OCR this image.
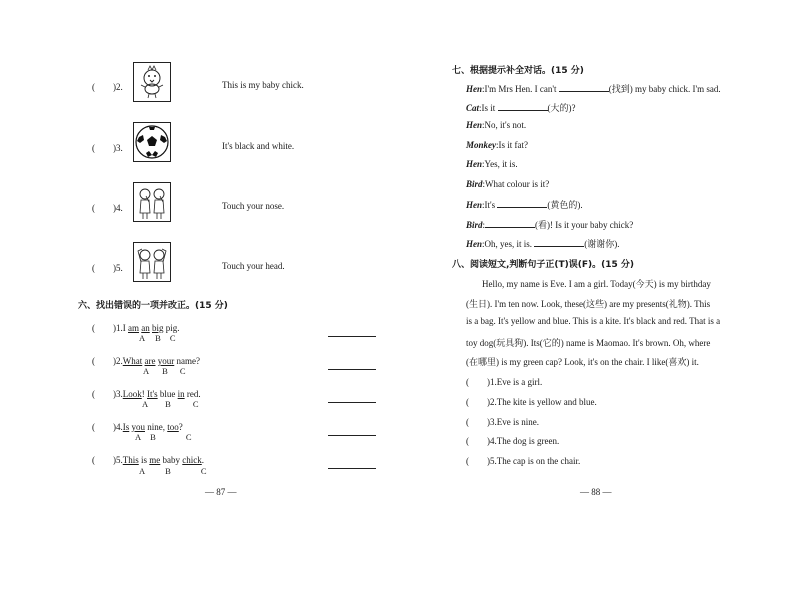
(　　)2.	This is my baby chick.
(　　)3.	It's black and white.
(　　)4.	Touch your nose.
(　　)5.	Touch your head.
六、找出错误的一项并改正。(15 分)
(　　)1.I am an big pig.
A B C
(　　)2.What are your name?
A B C
(　　)3.Look! It's blue in red.
A B	C
(　　)4.Is you nine, too?
A B	C
(　　)5.This is me baby chick.
A B	C
— 87 —
七、根据提示补全对话。(15 分)
Hen:I'm Mrs Hen. I can't	(找到) my baby chick. I'm sad.
Cat:Is it	(大的)?
Hen:No, it's not.
Monkey:Is it fat?
Hen:Yes, it is.
Bird:What colour is it?
Hen:It's	(黄色的).
Bird:	(看)! Is it your baby chick?
Hen:Oh, yes, it is.	(谢谢你).
八、阅读短文,判断句子正(T)误(F)。(15 分)
Hello, my name is Eve. I am a girl. Today(今天) is my birthday
(生日). I'm ten now. Look, these(这些) are my presents(礼物). This
is a bag. It's yellow and blue. This is a kite. It's black and red. That is a
toy dog(玩具狗). Its(它的) name is Maomao. It's brown. Oh, where
(在哪里) is my green cap? Look, it's on the chair. I like(喜欢) it.
(　　)1.Eve is a girl.
(　　)2.The kite is yellow and blue.
(　　)3.Eve is nine.
(　　)4.The dog is green.
(　　)5.The cap is on the chair.
— 88 —
